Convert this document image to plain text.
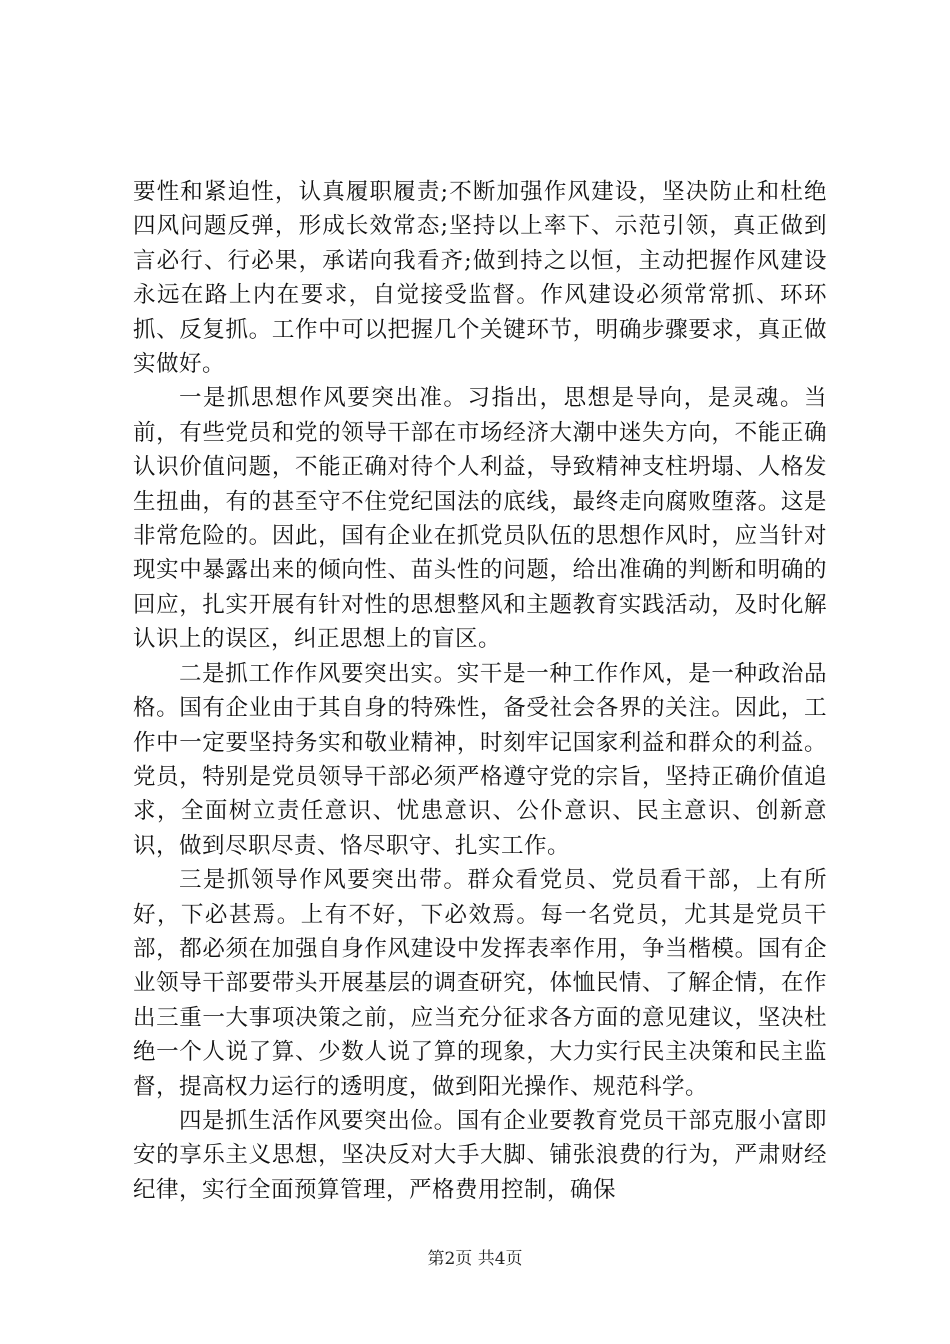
要性和紧迫性，认真履职履责;不断加强作风建设，坚决防止和杜绝四风问题反弹，形成长效常态;坚持以上率下、示范引领，真正做到言必行、行必果，承诺向我看齐;做到持之以恒，主动把握作风建设永远在路上内在要求，自觉接受监督。作风建设必须常常抓、环环抓、反复抓。工作中可以把握几个关键环节，明确步骤要求，真正做实做好。

一是抓思想作风要突出准。习指出，思想是导向，是灵魂。当前，有些党员和党的领导干部在市场经济大潮中迷失方向，不能正确认识价值问题，不能正确对待个人利益，导致精神支柱坍塌、人格发生扭曲，有的甚至守不住党纪国法的底线，最终走向腐败堕落。这是非常危险的。因此，国有企业在抓党员队伍的思想作风时，应当针对现实中暴露出来的倾向性、苗头性的问题，给出准确的判断和明确的回应，扎实开展有针对性的思想整风和主题教育实践活动，及时化解认识上的误区，纠正思想上的盲区。

二是抓工作作风要突出实。实干是一种工作作风，是一种政治品格。国有企业由于其自身的特殊性，备受社会各界的关注。因此，工作中一定要坚持务实和敬业精神，时刻牢记国家利益和群众的利益。党员，特别是党员领导干部必须严格遵守党的宗旨，坚持正确价值追求，全面树立责任意识、忧患意识、公仆意识、民主意识、创新意识，做到尽职尽责、恪尽职守、扎实工作。

三是抓领导作风要突出带。群众看党员、党员看干部，上有所好，下必甚焉。上有不好，下必效焉。每一名党员，尤其是党员干部，都必须在加强自身作风建设中发挥表率作用，争当楷模。国有企业领导干部要带头开展基层的调查研究，体恤民情、了解企情，在作出三重一大事项决策之前，应当充分征求各方面的意见建议，坚决杜绝一个人说了算、少数人说了算的现象，大力实行民主决策和民主监督，提高权力运行的透明度，做到阳光操作、规范科学。

四是抓生活作风要突出俭。国有企业要教育党员干部克服小富即安的享乐主义思想，坚决反对大手大脚、铺张浪费的行为，严肃财经纪律，实行全面预算管理，严格费用控制，确保

第2页 共4页
